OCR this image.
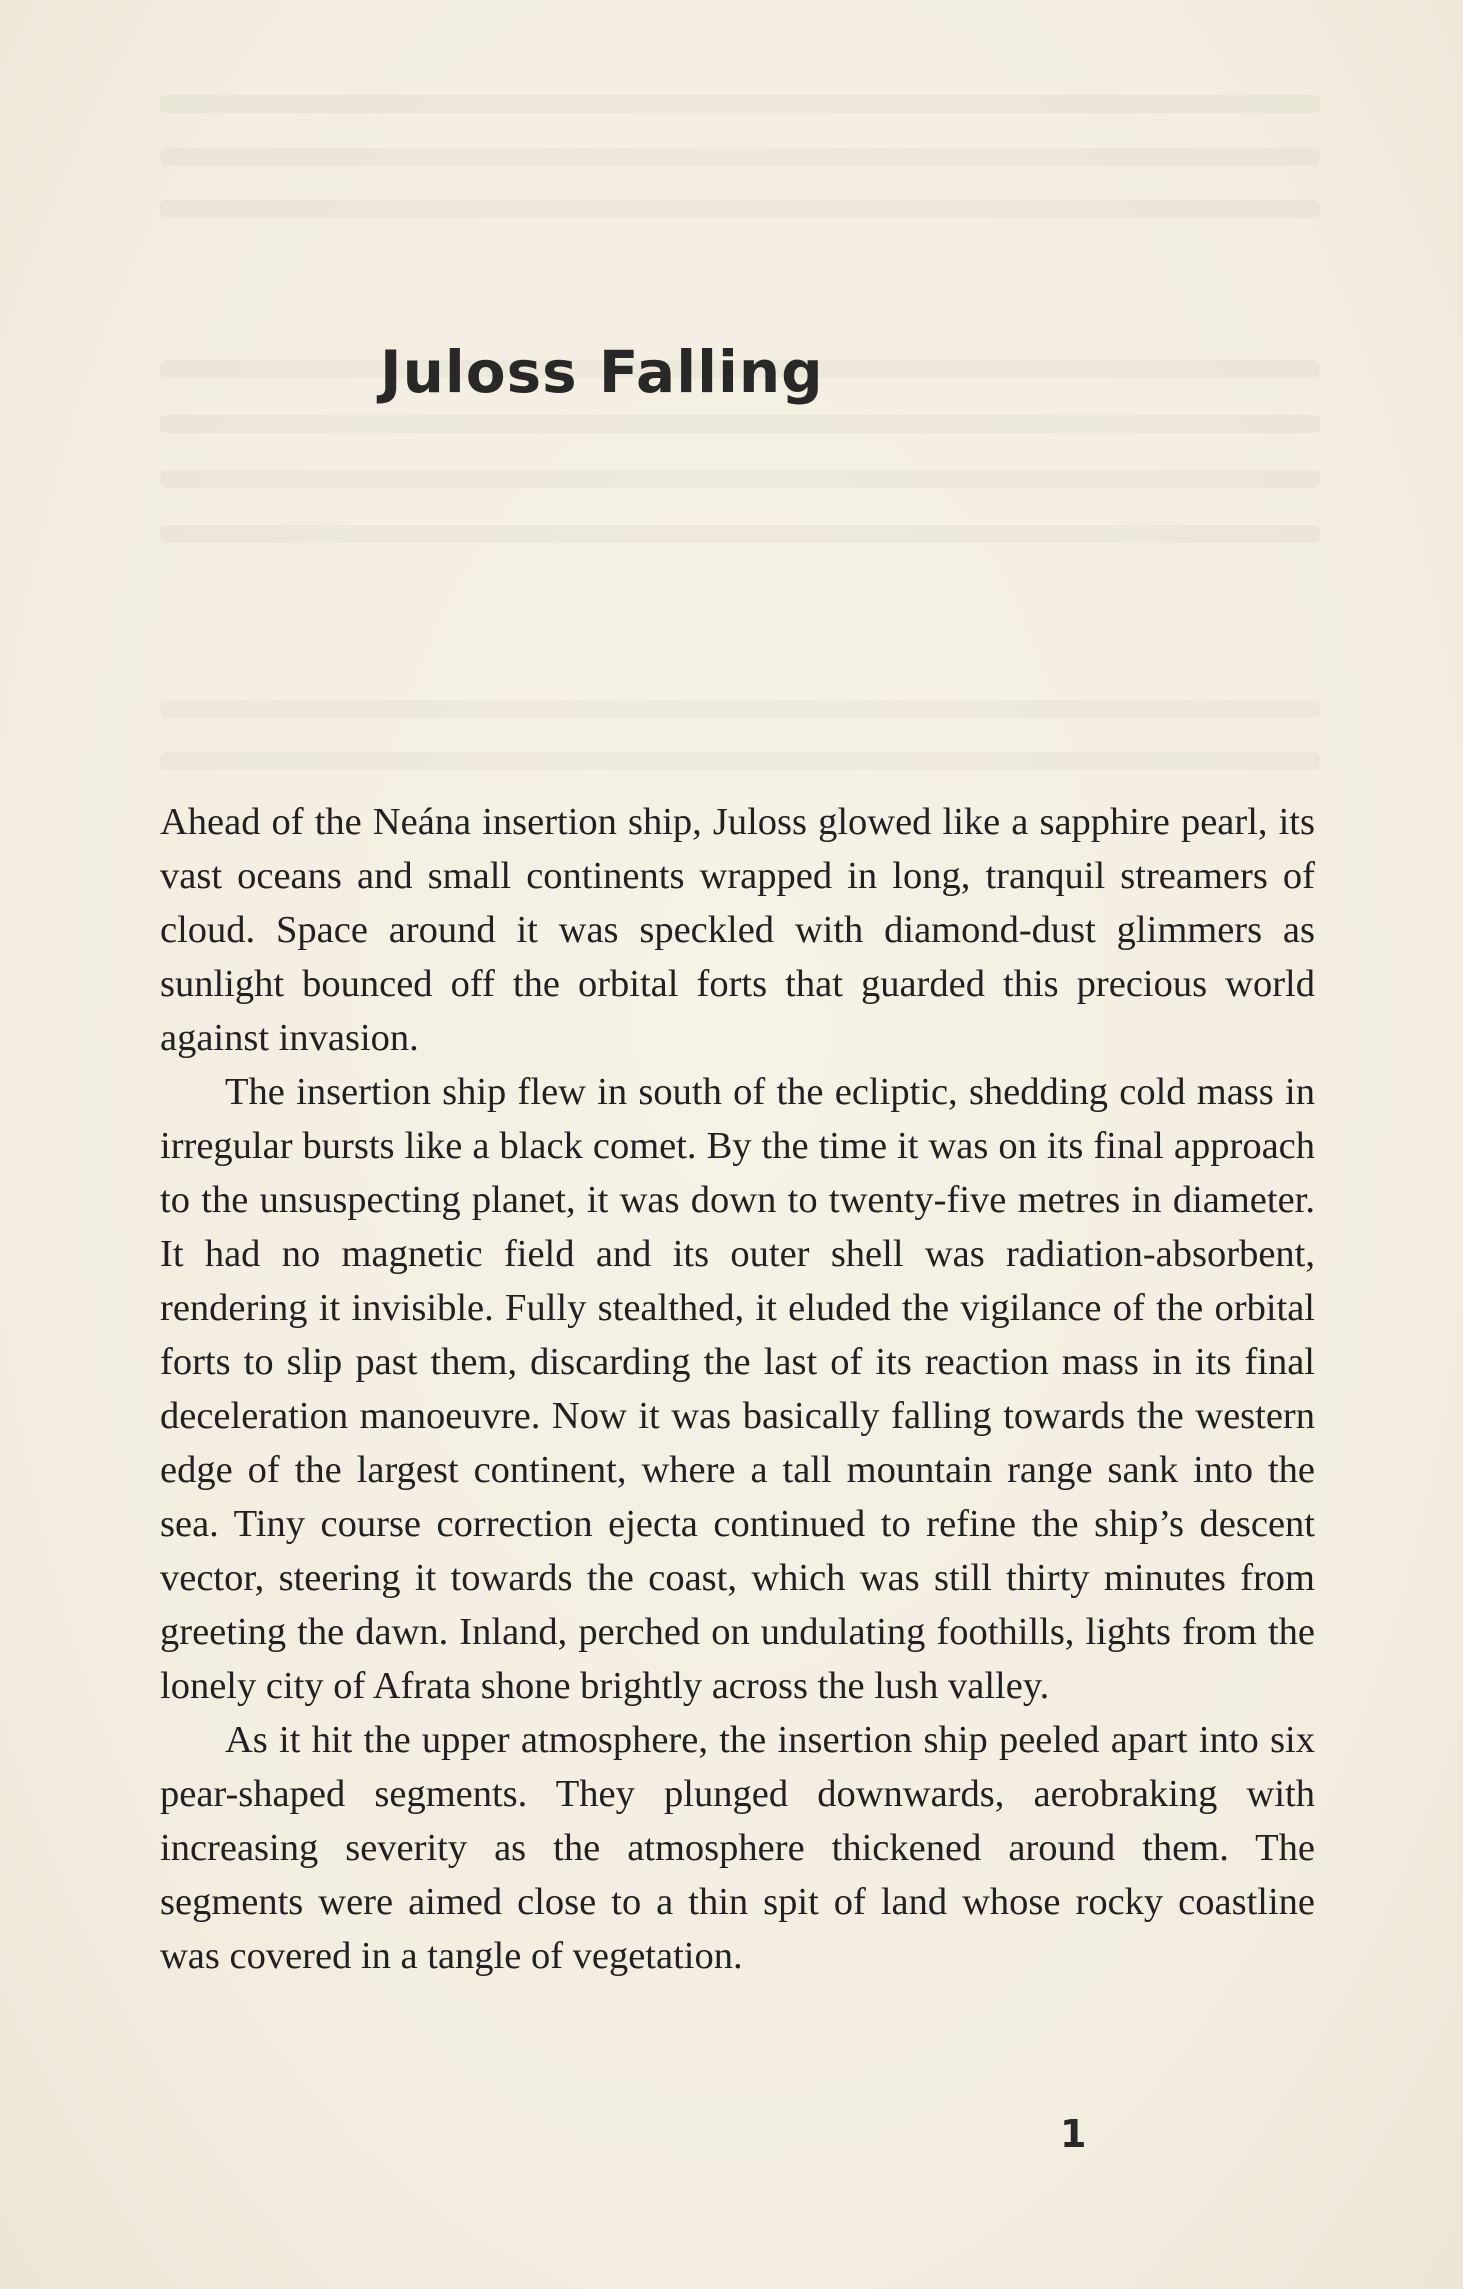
Juloss Falling

Ahead of the Neána insertion ship, Juloss glowed like a sapphire pearl, its vast oceans and small continents wrapped in long, tranquil streamers of cloud. Space around it was speckled with diamond-dust glimmers as sunlight bounced off the orbital forts that guarded this precious world against invasion.

The insertion ship flew in south of the ecliptic, shedding cold mass in irregular bursts like a black comet. By the time it was on its final approach to the unsuspecting planet, it was down to twenty-​five metres in diameter. It had no magnetic field and its outer shell was radiation-absorbent, rendering it invisible. Fully stealthed, it eluded the vigilance of the orbital forts to slip past them, discarding the last of its reaction mass in its final deceleration manoeuvre. Now it was basically falling towards the western edge of the largest continent, where a tall mountain range sank into the sea. Tiny course correction ejecta continued to refine the ship’s descent vector, steering it towards the coast, which was still thirty minutes from greeting the dawn. Inland, perched on undulating foothills, lights from the lonely city of Afrata shone brightly across the lush valley.

As it hit the upper atmosphere, the insertion ship peeled apart into six pear-shaped segments. They plunged downwards, aerobraking with increasing severity as the atmosphere thickened around them. The segments were aimed close to a thin spit of land whose rocky coastline was covered in a tangle of vegetation.

1
